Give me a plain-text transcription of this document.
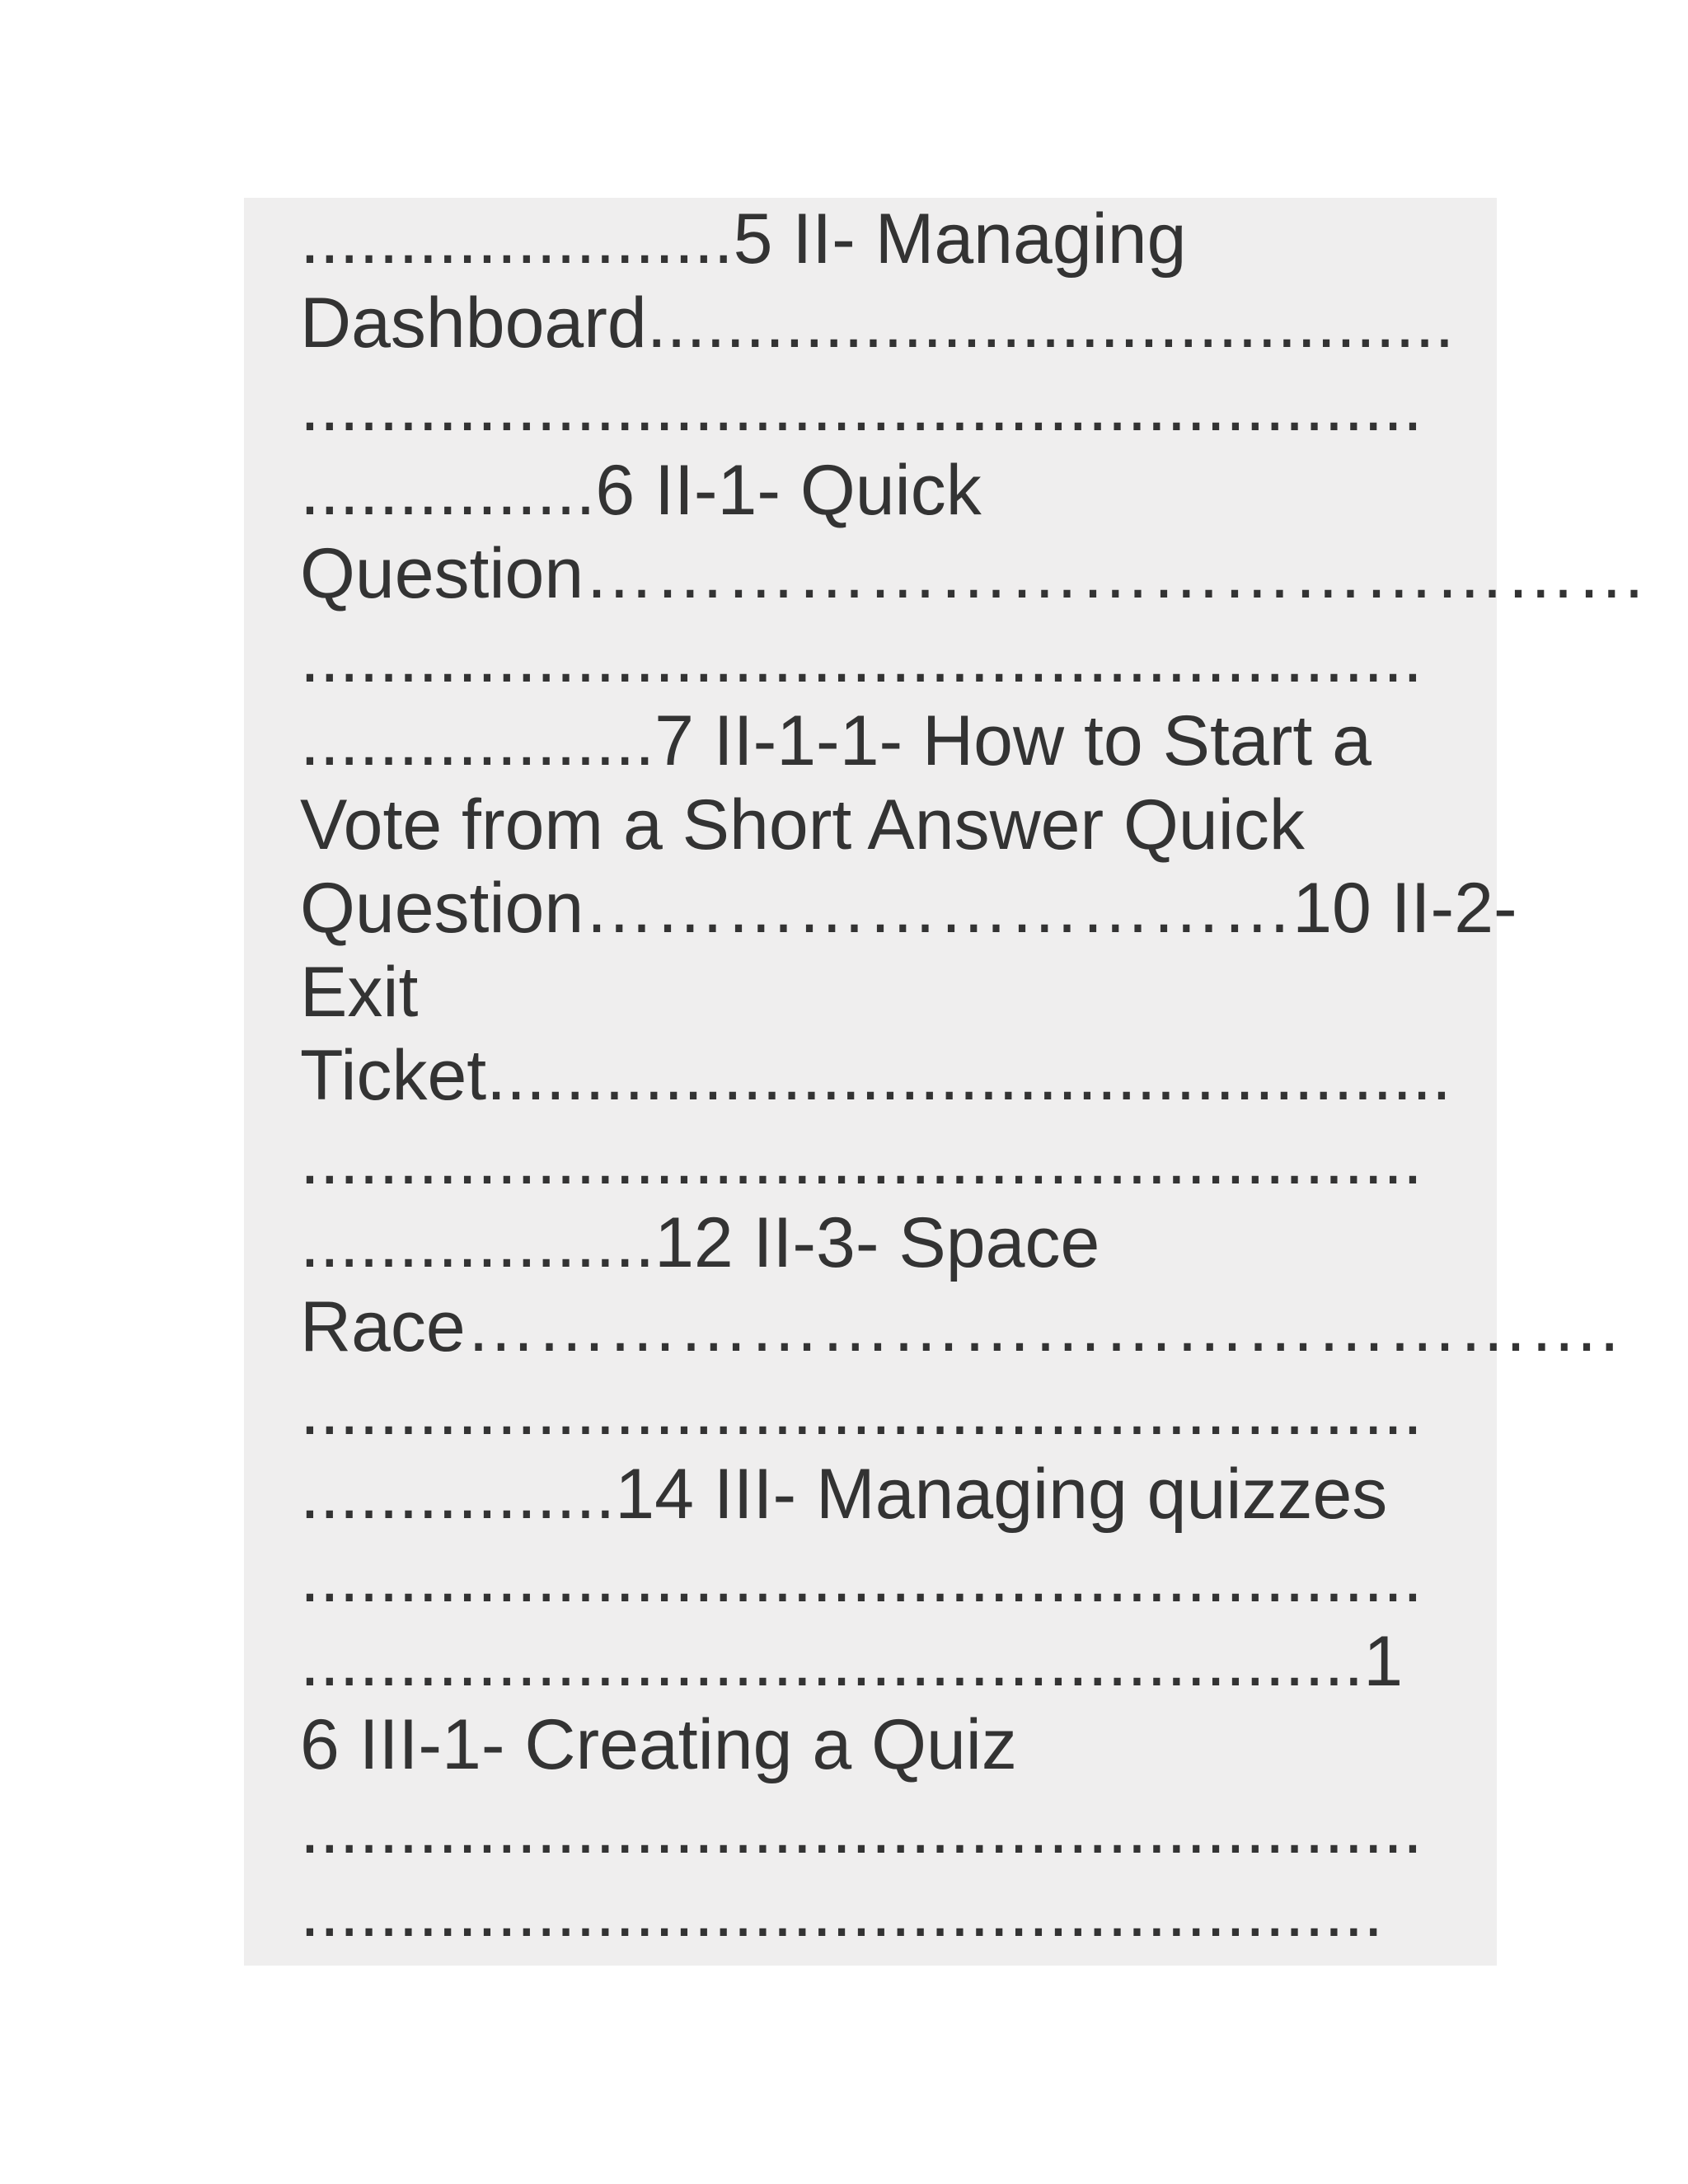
......................5 II- Managing
Dashboard.........................................
.........................................................
...............6 II-1- Quick
Question………………………………………
.........................................................
..................7 II-1-1- How to Start a
Vote from a Short Answer Quick
Question…………………………10 II-2-
Exit
Ticket.................................................
.........................................................
..................12 II-3- Space
Race………………………………………….
.........................................................
................14 III- Managing quizzes
.........................................................
......................................................1
6 III-1- Creating a Quiz
.........................................................
.......................................................
